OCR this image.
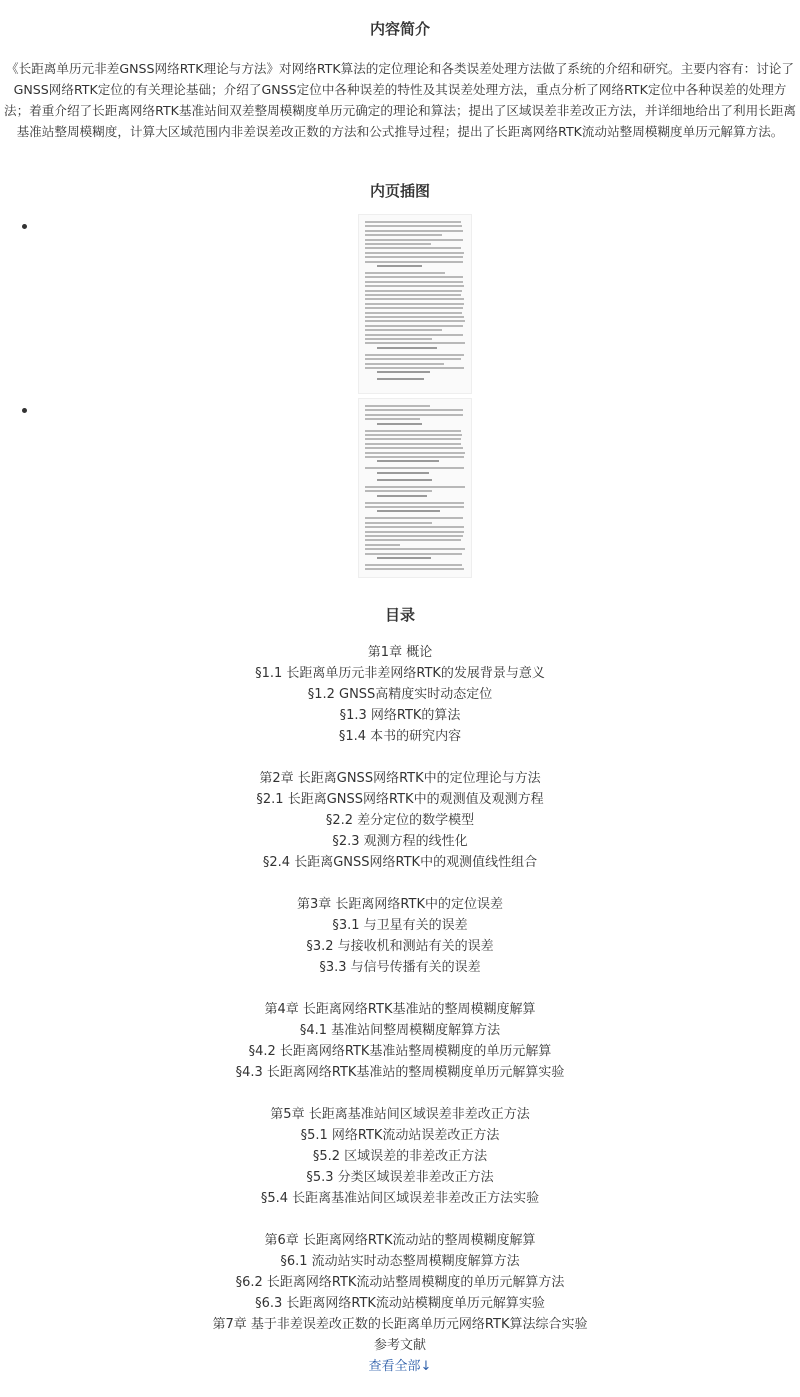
内容简介

《长距离单历元非差GNSS网络RTK理论与方法》对网络RTK算法的定位理论和各类误差处理方法做了系统的介绍和研究。主要内容有：讨论了GNSS网络RTK定位的有关理论基础；介绍了GNSS定位中各种误差的特性及其误差处理方法，重点分析了网络RTK定位中各种误差的处理方法；着重介绍了长距离网络RTK基准站间双差整周模糊度单历元确定的理论和算法；提出了区域误差非差改正方法，并详细地给出了利用长距离基准站整周模糊度，计算大区域范围内非差误差改正数的方法和公式推导过程；提出了长距离网络RTK流动站整周模糊度单历元解算方法。

内页插图
目录
第1章 概论
§1.1 长距离单历元非差网络RTK的发展背景与意义
§1.2 GNSS高精度实时动态定位
§1.3 网络RTK的算法
§1.4 本书的研究内容
第2章 长距离GNSS网络RTK中的定位理论与方法
§2.1 长距离GNSS网络RTK中的观测值及观测方程
§2.2 差分定位的数学模型
§2.3 观测方程的线性化
§2.4 长距离GNSS网络RTK中的观测值线性组合
第3章 长距离网络RTK中的定位误差
§3.1 与卫星有关的误差
§3.2 与接收机和测站有关的误差
§3.3 与信号传播有关的误差
第4章 长距离网络RTK基准站的整周模糊度解算
§4.1 基准站间整周模糊度解算方法
§4.2 长距离网络RTK基准站整周模糊度的单历元解算
§4.3 长距离网络RTK基准站的整周模糊度单历元解算实验
第5章 长距离基准站间区域误差非差改正方法
§5.1 网络RTK流动站误差改正方法
§5.2 区域误差的非差改正方法
§5.3 分类区域误差非差改正方法
§5.4 长距离基准站间区域误差非差改正方法实验
第6章 长距离网络RTK流动站的整周模糊度解算
§6.1 流动站实时动态整周模糊度解算方法
§6.2 长距离网络RTK流动站整周模糊度的单历元解算方法
§6.3 长距离网络RTK流动站模糊度单历元解算实验
第7章 基于非差误差改正数的长距离单历元网络RTK算法综合实验
参考文献
查看全部↓
